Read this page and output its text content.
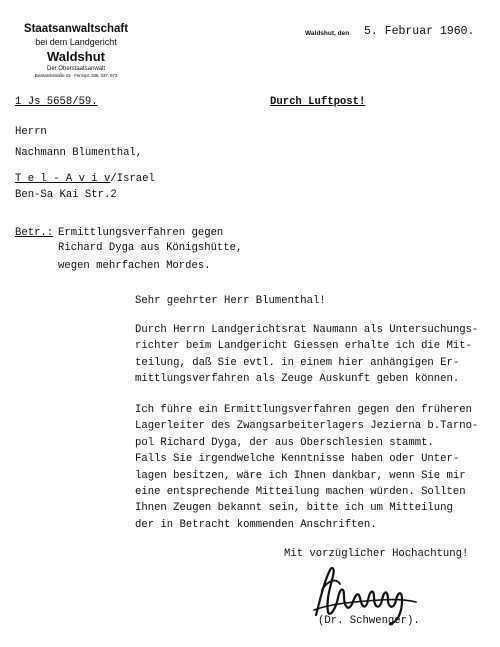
Staatsanwaltschaft
bei dem Landgericht
Waldshut
Der Oberstaatsanwalt
Bismarckstraße 23 · Fernspr. 336, 337, 673
Waldshut, den 5. Februar 1960.
1 Js 5658/59.	Durch Luftpost!
Herrn
Nachmann Blumenthal,
T e l - A v i v/Israel
Ben-Sa Kai Str.2
Betr.: Ermittlungsverfahren gegen
Richard Dyga aus Königshütte,
wegen mehrfachen Mordes.
Sehr geehrter Herr Blumenthal!
Durch Herrn Landgerichtsrat Naumann als Untersuchungs-
richter beim Landgericht Giessen erhalte ich die Mit-
teilung, daß Sie evtl. in einem hier anhängigen Er-
mittlungsverfahren als Zeuge Auskunft geben können.
Ich führe ein Ermittlungsverfahren gegen den früheren
Lagerleiter des Zwangsarbeiterlagers Jezierna b.Tarno-
pol Richard Dyga, der aus Oberschlesien stammt.
Falls Sie irgendwelche Kenntnisse haben oder Unter-
lagen besitzen, wäre ich Ihnen dankbar, wenn Sie mir
eine entsprechende Mitteilung machen würden. Sollten
Ihnen Zeugen bekannt sein, bitte ich um Mitteilung
der in Betracht kommenden Anschriften.
Mit vorzüglicher Hochachtung!
(Dr. Schwenger).
